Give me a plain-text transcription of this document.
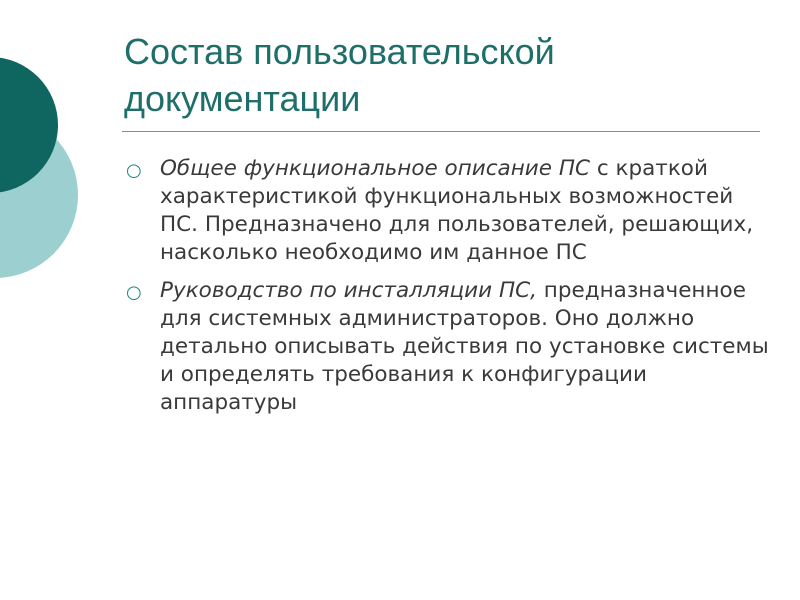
Состав пользовательской документации
○ Общее функциональное описание ПС с краткой характеристикой функциональных возможностей ПС. Предназначено для пользователей, решающих, насколько необходимо им данное ПС
○ Руководство по инсталляции ПС, предназначенное для системных администраторов. Оно должно детально описывать действия по установке системы и определять требования к конфигурации аппаратуры
